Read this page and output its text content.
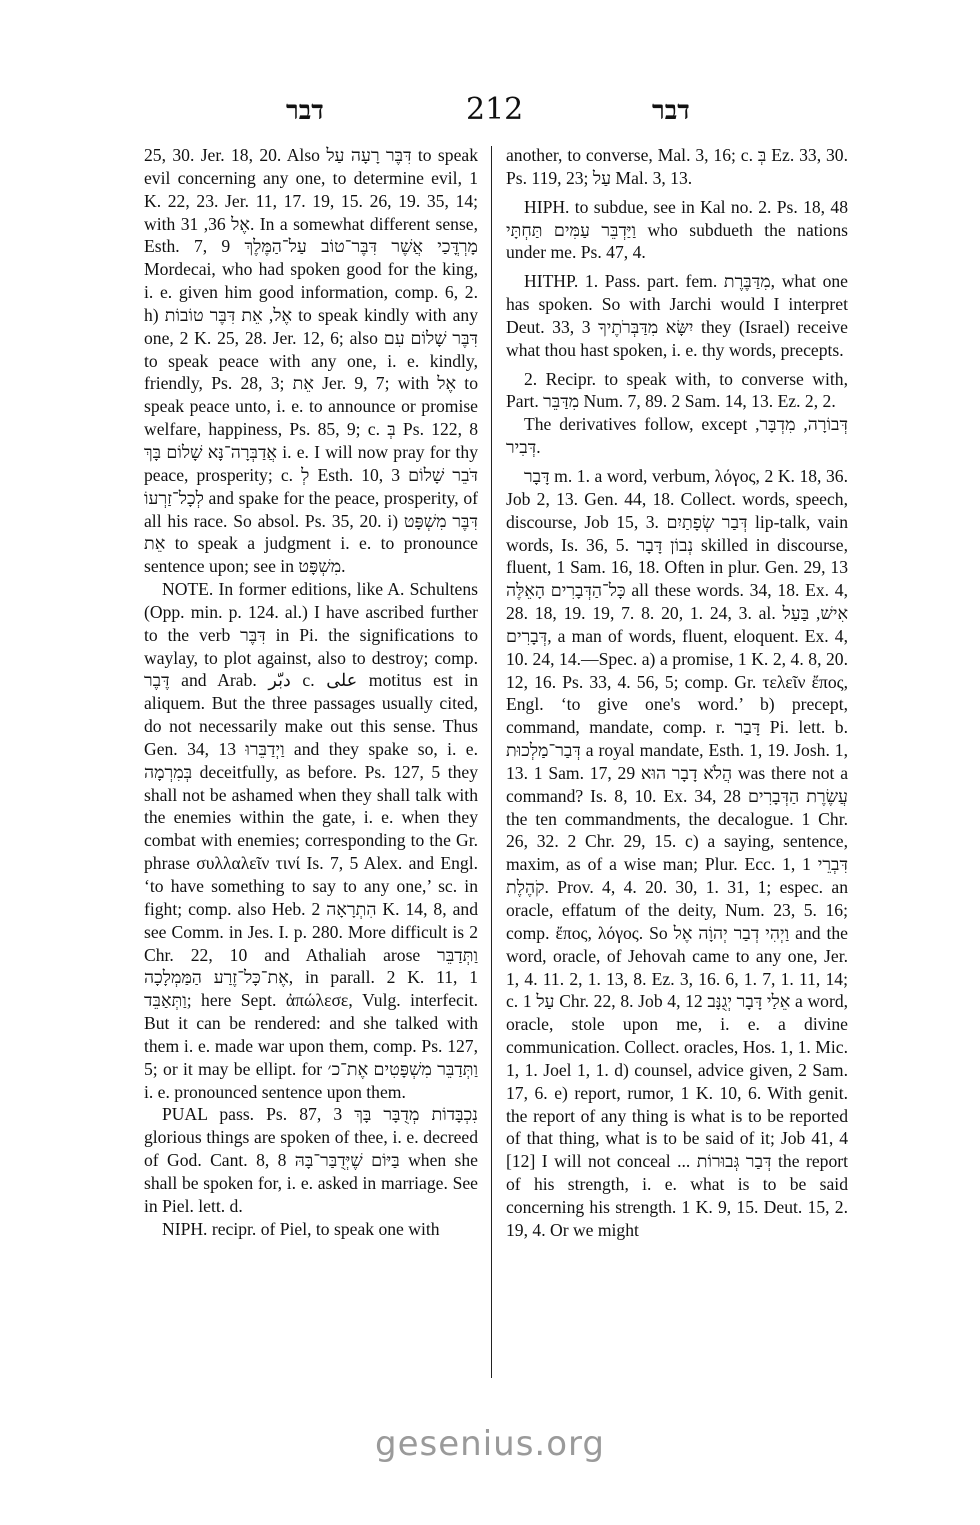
דבר	212	דבר

25, 30. Jer. 18, 20. Also דִּבֶּר רָעָה עַל to speak evil concerning any one, to determine evil, 1 K. 22, 23. Jer. 11, 17. 19, 15. 26, 19. 35, 14; with אֶל 36, 31. In a somewhat different sense, Esth. 7, 9 מָרְדֳּכַי אֲשֶׁר דִּבֶּר־טוֹב עַל־הַמֶּלֶךְ Mordecai, who had spoken good for the king, i. e. given him good information, comp. 6, 2. h) אֶל, אֵת דִּבֶּר טוֹבוֹת to speak kindly with any one, 2 K. 25, 28. Jer. 12, 6; also דִּבֶּר שָׁלוֹם עִם to speak peace with any one, i. e. kindly, friendly, Ps. 28, 3; אֵת Jer. 9, 7; with אֶל to speak peace unto, i. e. to announce or promise welfare, happiness, Ps. 85, 9; c. בְּ Ps. 122, 8 אֲדַבְּרָה־נָּא שָׁלוֹם בָּךְ i. e. I will now pray for thy peace, prosperity; c. לְ Esth. 10, 3 דֹּבֵר שָׁלוֹם לְכָל־זַרְעוֹ and spake for the peace, prosperity, of all his race. So absol. Ps. 35, 20. i) דִּבֶּר מִשְׁפָּט אֵת to speak a judgment i. e. to pronounce sentence upon; see in מִשְׁפָּט.

NOTE. In former editions, like A. Schultens (Opp. min. p. 124. al.) I have ascribed further to the verb דִּבֶּר in Pi. the significations to waylay, to plot against, also to destroy; comp. דֶּבֶר and Arab. دبّر c. على motitus est in aliquem. But the three passages usually cited, do not necessarily make out this sense. Thus Gen. 34, 13 וַיְדַבֵּרוּ and they spake so, i. e. בְּמִרְמָה deceitfully, as before. Ps. 127, 5 they shall not be ashamed when they shall talk with the enemies within the gate, i. e. when they combat with enemies; corresponding to the Gr. phrase συλλαλεῖν τινί Is. 7, 5 Alex. and Engl. ‘to have something to say to any one,’ sc. in fight; comp. also Heb. הִתְרָאָה 2 K. 14, 8, and see Comm. in Jes. I. p. 280. More difficult is 2 Chr. 22, 10 and Athaliah arose וַתְּדַבֵּר אֶת־כָּל־זֶרַע הַמַּמְלָכָה, in parall. 2 K. 11, 1 וַתְּאַבֵּד; here Sept. ἀπώλεσε, Vulg. interfecit. But it can be rendered: and she talked with them i. e. made war upon them, comp. Ps. 127, 5; or it may be ellipt. for וַתְּדַבֵּר מִשְׁפָּטִים אֶת־כ׳ i. e. pronounced sentence upon them.

PUAL pass. Ps. 87, 3 נִכְבָּדוֹת מְדֻבָּר בָּךְ glorious things are spoken of thee, i. e. decreed of God. Cant. 8, 8 בַּיּוֹם שֶׁיְּדֻבַּר־בָּהּ when she shall be spoken for, i. e. asked in marriage. See in Piel. lett. d.

NIPH. recipr. of Piel, to speak one with

another, to converse, Mal. 3, 16; c. בְּ Ez. 33, 30. Ps. 119, 23; עַל Mal. 3, 13.

HIPH. to subdue, see in Kal no. 2. Ps. 18, 48 וַיַּדְבֵּר עַמִּים תַּחְתָּי who subdueth the nations under me. Ps. 47, 4.

HITHP. 1. Pass. part. fem. מִדַּבֶּרֶת, what one has spoken. So with Jarchi would I interpret Deut. 33, 3 יִשָּׂא מִדַּבְּרֹתֶיךָ they (Israel) receive what thou hast spoken, i. e. thy words, precepts.

2. Recipr. to speak with, to converse with, Part. מִדַּבֵּר Num. 7, 89. 2 Sam. 14, 13. Ez. 2, 2.

The derivatives follow, except דְּבוֹרָה, מִדְבָּר, דְּבִיר.

דָּבָר m. 1. a word, verbum, λόγος, 2 K. 18, 36. Job 2, 13. Gen. 44, 18. Collect. words, speech, discourse, Job 15, 3. דְּבַר שְׂפָתַיִם lip-talk, vain words, Is. 36, 5. נְבוֹן דָּבָר skilled in discourse, fluent, 1 Sam. 16, 18. Often in plur. Gen. 29, 13 כָּל־הַדְּבָרִים הָאֵלֶּה all these words. 34, 18. Ex. 4, 28. 18, 19. 19, 7. 8. 20, 1. 24, 3. al. אִישׁ, בַּעַל דְּבָרִים, a man of words, fluent, eloquent. Ex. 4, 10. 24, 14.—Spec. a) a promise, 1 K. 2, 4. 8, 20. 12, 16. Ps. 33, 4. 56, 5; comp. Gr. τελεῖν ἔπος, Engl. ‘to give one's word.’ b) precept, command, mandate, comp. r. דָּבַר Pi. lett. b. דְּבַר־מַלְכוּת a royal mandate, Esth. 1, 19. Josh. 1, 13. 1 Sam. 17, 29 הֲלֹא דָבָר הוּא was there not a command? Is. 8, 10. Ex. 34, 28 עֲשֶׂרֶת הַדְּבָרִים the ten commandments, the decalogue. 1 Chr. 26, 32. 2 Chr. 29, 15. c) a saying, sentence, maxim, as of a wise man; Plur. Ecc. 1, 1 דִּבְרֵי קֹהֶלֶת. Prov. 4, 4. 20. 30, 1. 31, 1; espec. an oracle, effatum of the deity, Num. 23, 5. 16; comp. ἔπος, λόγος. So וַיְהִי דְבַר יְהוָֹה אֶל and the word, oracle, of Jehovah came to any one, Jer. 1, 4. 11. 2, 1. 13, 8. Ez. 3, 16. 6, 1. 7, 1. 11, 14; c. עַל 1 Chr. 22, 8. Job 4, 12 אֵלַי דָּבָר יְגֻנָּב a word, oracle, stole upon me, i. e. a divine communication. Collect. oracles, Hos. 1, 1. Mic. 1, 1. Joel 1, 1. d) counsel, advice given, 2 Sam. 17, 6. e) report, rumor, 1 K. 10, 6. With genit. the report of any thing is what is to be reported of that thing, what is to be said of it; Job 41, 4 [12] I will not conceal ... דְּבַר גְּבוּרוֹת the report of his strength, i. e. what is to be said concerning his strength. 1 K. 9, 15. Deut. 15, 2. 19, 4. Or we might

gesenius.org
